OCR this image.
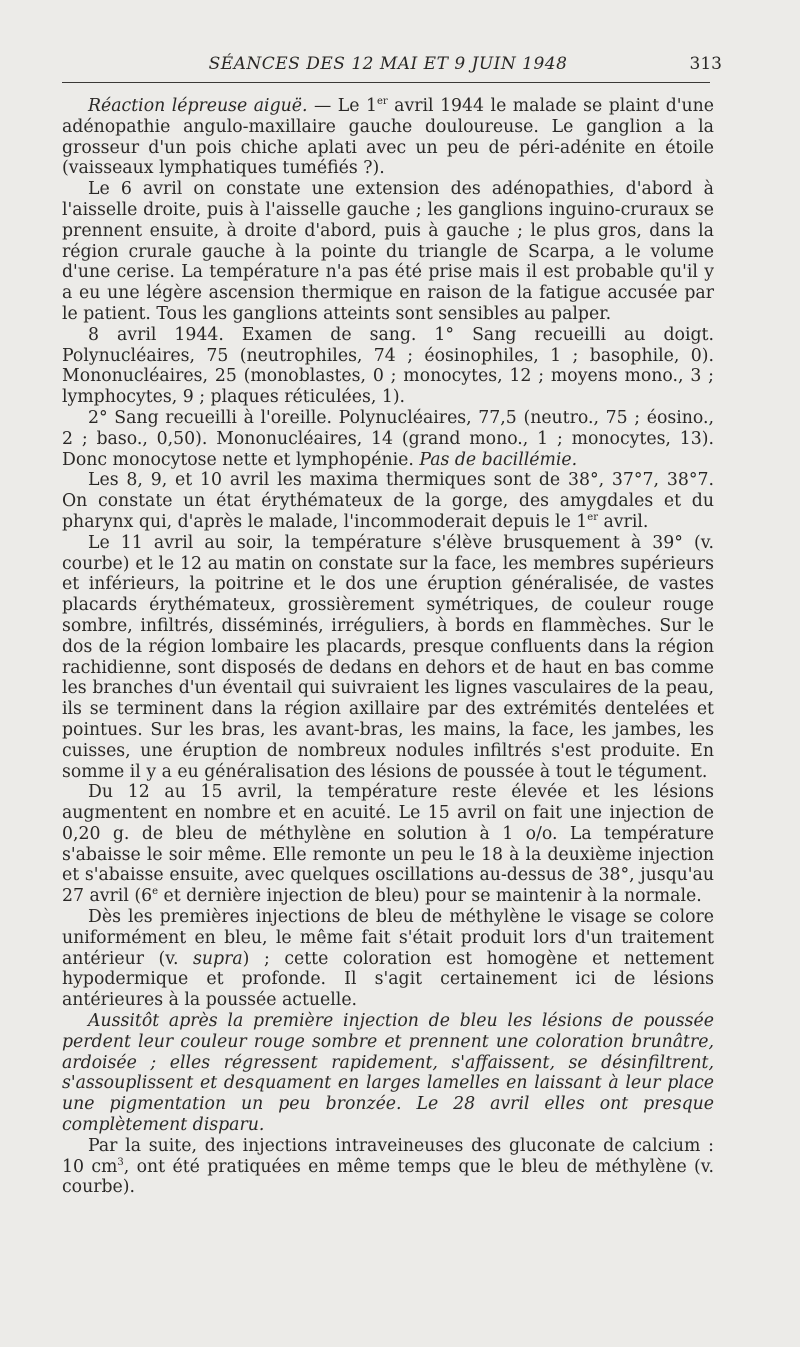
SÉANCES DES 12 MAI ET 9 JUIN 1948	313

Réaction lépreuse aiguë. — Le 1er avril 1944 le malade se plaint d'une adénopathie angulo-maxillaire gauche douloureuse. Le ganglion a la grosseur d'un pois chiche aplati avec un peu de péri-adénite en étoile (vaisseaux lymphatiques tuméfiés ?).

Le 6 avril on constate une extension des adénopathies, d'abord à l'aisselle droite, puis à l'aisselle gauche ; les ganglions inguino-cruraux se prennent ensuite, à droite d'abord, puis à gauche ; le plus gros, dans la région crurale gauche à la pointe du triangle de Scarpa, a le volume d'une cerise. La température n'a pas été prise mais il est probable qu'il y a eu une légère ascension thermique en raison de la fatigue accusée par le patient. Tous les ganglions atteints sont sensibles au palper.

8 avril 1944. Examen de sang. 1° Sang recueilli au doigt. Polynucléaires, 75 (neutrophiles, 74 ; éosinophiles, 1 ; basophile, 0). Mononucléaires, 25 (monoblastes, 0 ; monocytes, 12 ; moyens mono., 3 ; lymphocytes, 9 ; plaques réticulées, 1).

2° Sang recueilli à l'oreille. Polynucléaires, 77,5 (neutro., 75 ; éosino., 2 ; baso., 0,50). Mononucléaires, 14 (grand mono., 1 ; monocytes, 13). Donc monocytose nette et lymphopénie. Pas de bacillémie.

Les 8, 9, et 10 avril les maxima thermiques sont de 38°, 37°7, 38°7. On constate un état érythémateux de la gorge, des amygdales et du pharynx qui, d'après le malade, l'incommoderait depuis le 1er avril.

Le 11 avril au soir, la température s'élève brusquement à 39° (v. courbe) et le 12 au matin on constate sur la face, les membres supérieurs et inférieurs, la poitrine et le dos une éruption généralisée, de vastes placards érythémateux, grossièrement symétriques, de couleur rouge sombre, infiltrés, disséminés, irréguliers, à bords en flammèches. Sur le dos de la région lombaire les placards, presque confluents dans la région rachidienne, sont disposés de dedans en dehors et de haut en bas comme les branches d'un éventail qui suivraient les lignes vasculaires de la peau, ils se terminent dans la région axillaire par des extrémités dentelées et pointues. Sur les bras, les avant-bras, les mains, la face, les jambes, les cuisses, une éruption de nombreux nodules infiltrés s'est produite. En somme il y a eu généralisation des lésions de poussée à tout le tégument.

Du 12 au 15 avril, la température reste élevée et les lésions augmentent en nombre et en acuité. Le 15 avril on fait une injection de 0,20 g. de bleu de méthylène en solution à 1 o/o. La température s'abaisse le soir même. Elle remonte un peu le 18 à la deuxième injection et s'abaisse ensuite, avec quelques oscillations au-dessus de 38°, jusqu'au 27 avril (6e et dernière injection de bleu) pour se maintenir à la normale.

Dès les premières injections de bleu de méthylène le visage se colore uniformément en bleu, le même fait s'était produit lors d'un traitement antérieur (v. supra) ; cette coloration est homogène et nettement hypodermique et profonde. Il s'agit certainement ici de lésions antérieures à la poussée actuelle.

Aussitôt après la première injection de bleu les lésions de poussée perdent leur couleur rouge sombre et prennent une coloration brunâtre, ardoisée ; elles régressent rapidement, s'affaissent, se désinfiltrent, s'assouplissent et desquament en larges lamelles en laissant à leur place une pigmentation un peu bronzée. Le 28 avril elles ont presque complètement disparu.

Par la suite, des injections intraveineuses des gluconate de calcium : 10 $cm^3$, ont été pratiquées en même temps que le bleu de méthylène (v. courbe).
